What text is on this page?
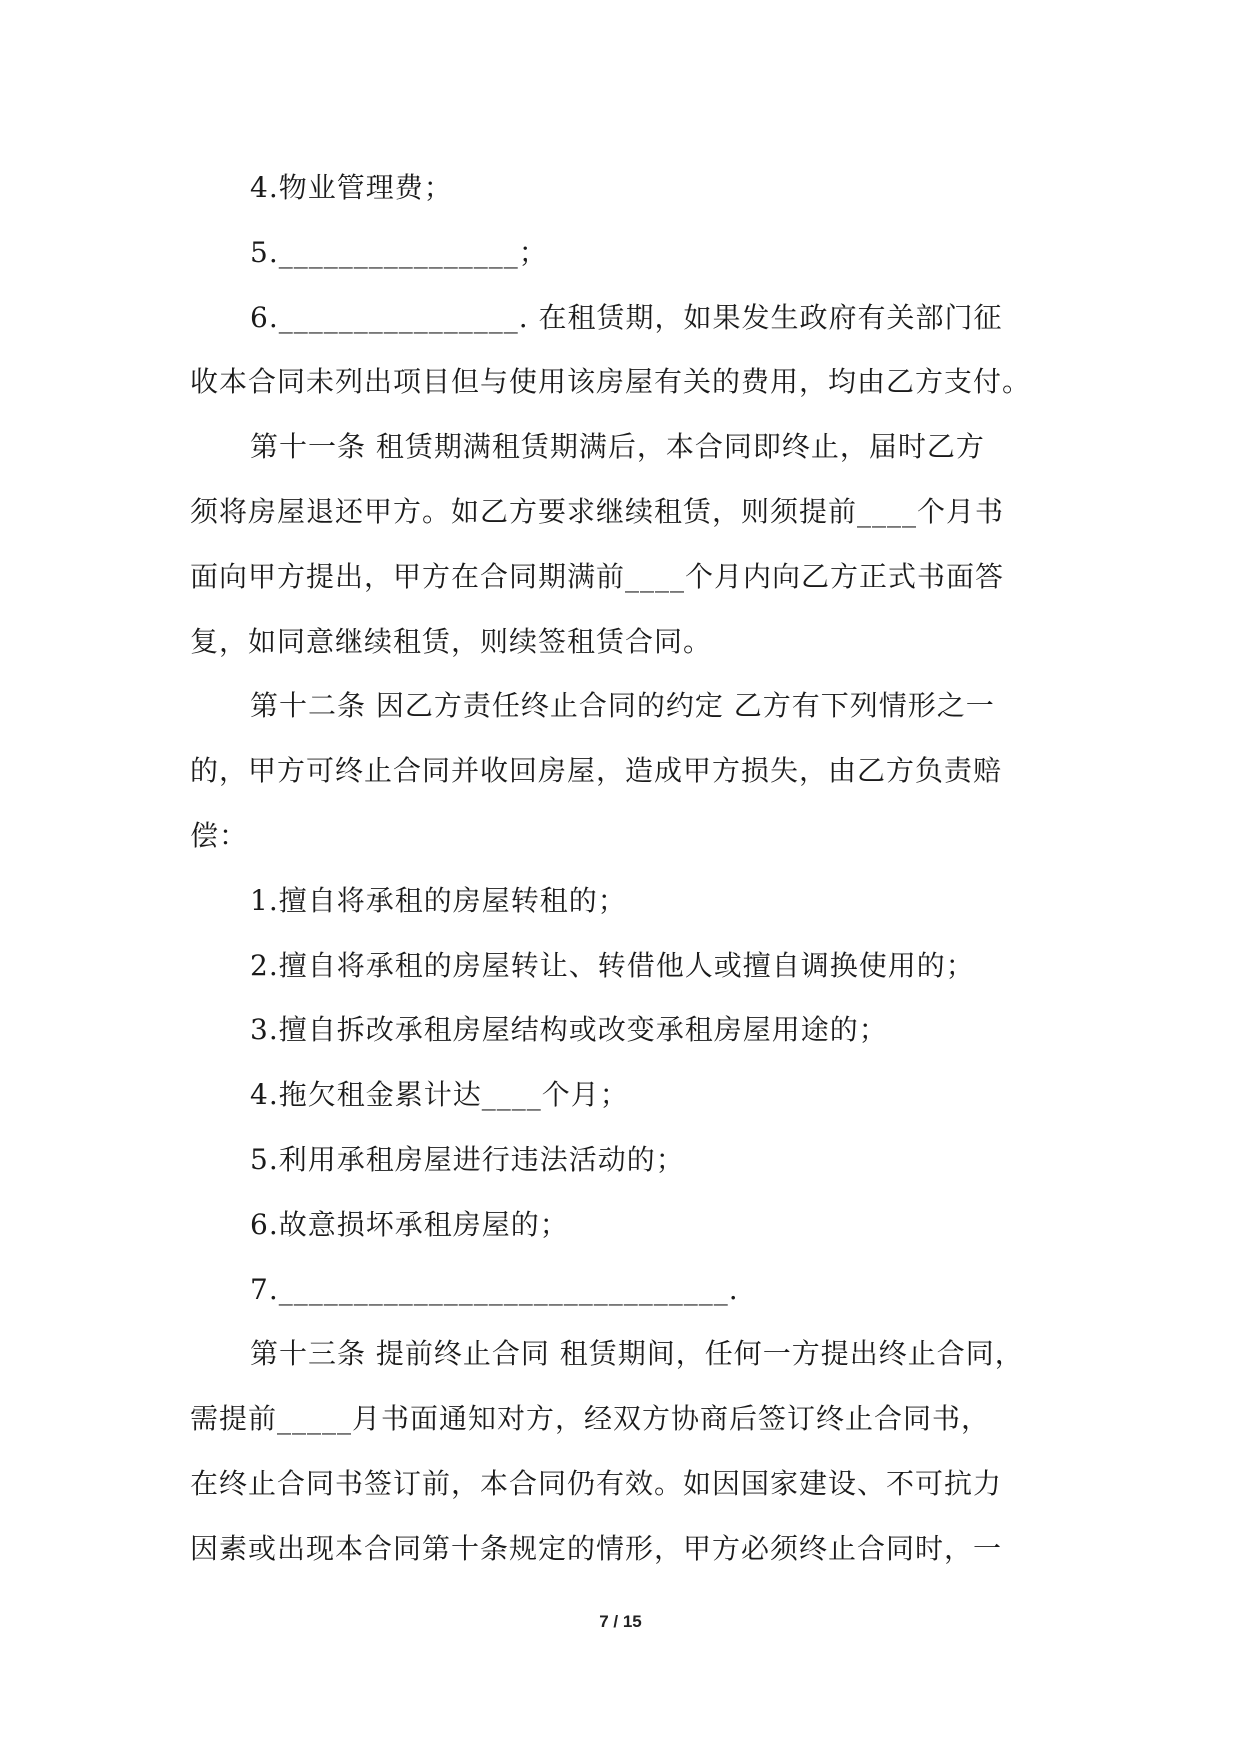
4.物业管理费；

5.________________；

6.________________. 在租赁期，如果发生政府有关部门征

收本合同未列出项目但与使用该房屋有关的费用，均由乙方支付。

第十一条 租赁期满租赁期满后，本合同即终止，届时乙方

须将房屋退还甲方。如乙方要求继续租赁，则须提前____个月书

面向甲方提出，甲方在合同期满前____个月内向乙方正式书面答

复，如同意继续租赁，则续签租赁合同。

第十二条 因乙方责任终止合同的约定 乙方有下列情形之一

的，甲方可终止合同并收回房屋，造成甲方损失，由乙方负责赔

偿：

1.擅自将承租的房屋转租的；

2.擅自将承租的房屋转让、转借他人或擅自调换使用的；

3.擅自拆改承租房屋结构或改变承租房屋用途的；

4.拖欠租金累计达____个月；

5.利用承租房屋进行违法活动的；

6.故意损坏承租房屋的；

7.______________________________.

第十三条 提前终止合同 租赁期间，任何一方提出终止合同，

需提前_____月书面通知对方，经双方协商后签订终止合同书，

在终止合同书签订前，本合同仍有效。如因国家建设、不可抗力

因素或出现本合同第十条规定的情形，甲方必须终止合同时，一

7 / 15
